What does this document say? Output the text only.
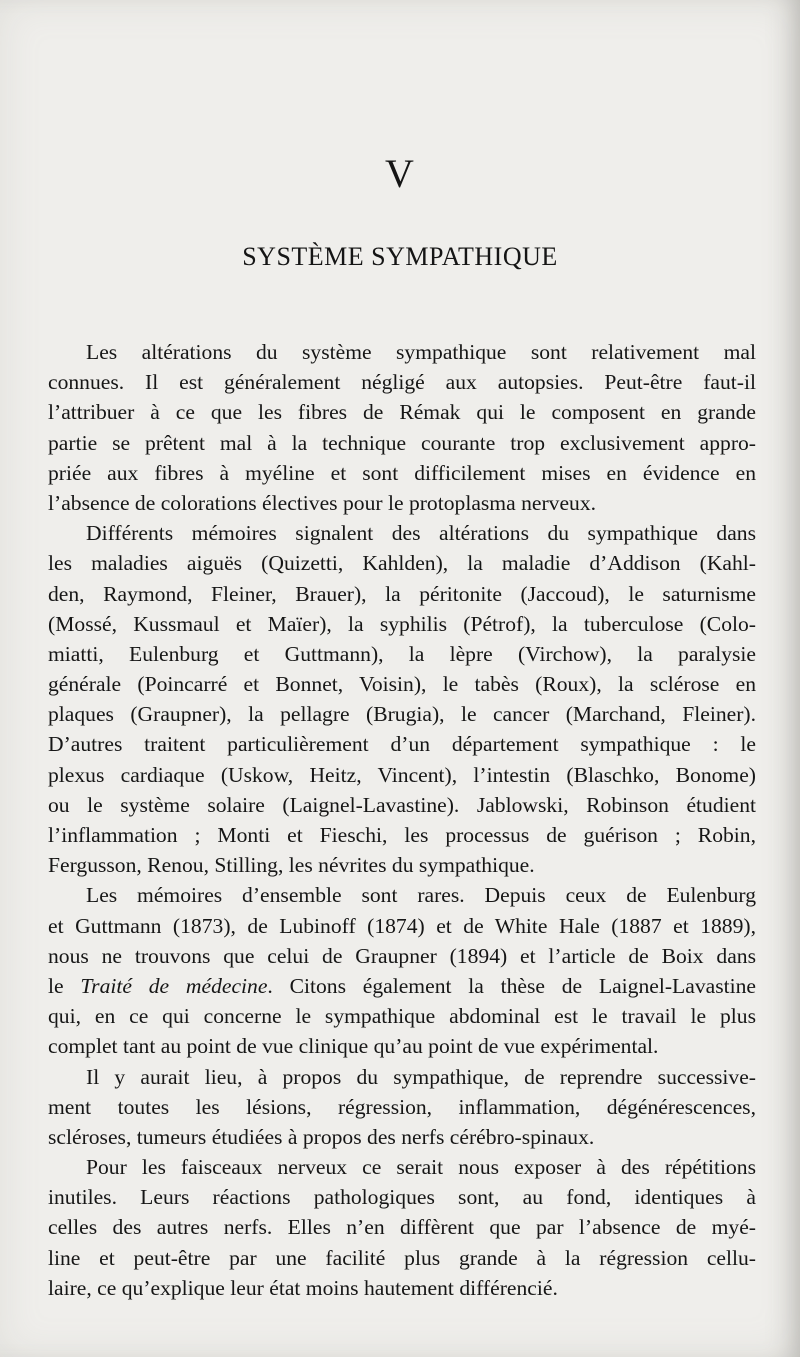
V
SYSTÈME SYMPATHIQUE
Les altérations du système sympathique sont relativement mal
connues. Il est généralement négligé aux autopsies. Peut-être faut-il
l’attribuer à ce que les fibres de Rémak qui le composent en grande
partie se prêtent mal à la technique courante trop exclusivement appro-
priée aux fibres à myéline et sont difficilement mises en évidence en
l’absence de colorations électives pour le protoplasma nerveux.
Différents mémoires signalent des altérations du sympathique dans
les maladies aiguës (Quizetti, Kahlden), la maladie d’Addison (Kahl-
den, Raymond, Fleiner, Brauer), la péritonite (Jaccoud), le saturnisme
(Mossé, Kussmaul et Maïer), la syphilis (Pétrof), la tuberculose (Colo-
miatti, Eulenburg et Guttmann), la lèpre (Virchow), la paralysie
générale (Poincarré et Bonnet, Voisin), le tabès (Roux), la sclérose en
plaques (Graupner), la pellagre (Brugia), le cancer (Marchand, Fleiner).
D’autres traitent particulièrement d’un département sympathique : le
plexus cardiaque (Uskow, Heitz, Vincent), l’intestin (Blaschko, Bonome)
ou le système solaire (Laignel-Lavastine). Jablowski, Robinson étudient
l’inflammation ; Monti et Fieschi, les processus de guérison ; Robin,
Fergusson, Renou, Stilling, les névrites du sympathique.
Les mémoires d’ensemble sont rares. Depuis ceux de Eulenburg
et Guttmann (1873), de Lubinoff (1874) et de White Hale (1887 et 1889),
nous ne trouvons que celui de Graupner (1894) et l’article de Boix dans
le Traité de médecine. Citons également la thèse de Laignel-Lavastine
qui, en ce qui concerne le sympathique abdominal est le travail le plus
complet tant au point de vue clinique qu’au point de vue expérimental.
Il y aurait lieu, à propos du sympathique, de reprendre successive-
ment toutes les lésions, régression, inflammation, dégénérescences,
scléroses, tumeurs étudiées à propos des nerfs cérébro-spinaux.
Pour les faisceaux nerveux ce serait nous exposer à des répétitions
inutiles. Leurs réactions pathologiques sont, au fond, identiques à
celles des autres nerfs. Elles n’en diffèrent que par l’absence de myé-
line et peut-être par une facilité plus grande à la régression cellu-
laire, ce qu’explique leur état moins hautement différencié.
